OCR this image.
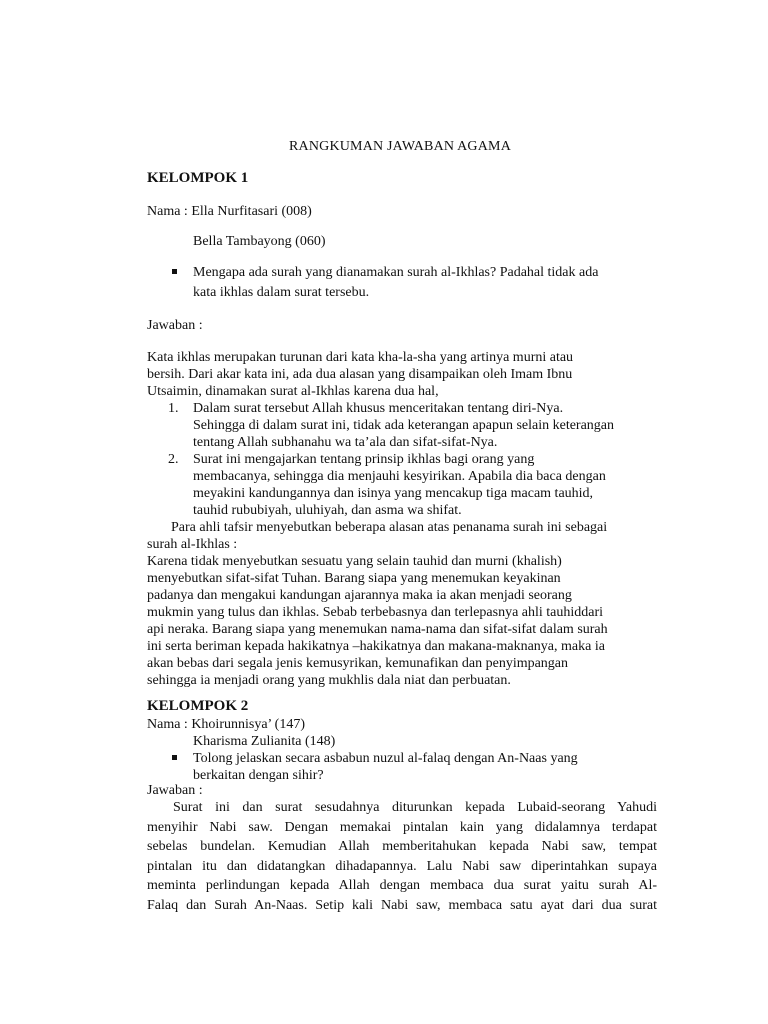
RANGKUMAN JAWABAN AGAMA
KELOMPOK 1
Nama : Ella Nurfitasari (008)
Bella Tambayong (060)
Mengapa ada surah yang dianamakan surah al-Ikhlas? Padahal tidak ada
kata ikhlas dalam surat tersebu.
Jawaban :
Kata ikhlas merupakan turunan dari kata kha-la-sha yang artinya murni atau
bersih. Dari akar kata ini, ada dua alasan yang disampaikan oleh Imam Ibnu
Utsaimin, dinamakan surat al-Ikhlas karena dua hal,
1. Dalam surat tersebut Allah khusus menceritakan tentang diri-Nya.
Sehingga di dalam surat ini, tidak ada keterangan apapun selain keterangan
tentang Allah subhanahu wa ta’ala dan sifat-sifat-Nya.
2. Surat ini mengajarkan tentang prinsip ikhlas bagi orang yang
membacanya, sehingga dia menjauhi kesyirikan. Apabila dia baca dengan
meyakini kandungannya dan isinya yang mencakup tiga macam tauhid,
tauhid rububiyah, uluhiyah, dan asma wa shifat.
Para ahli tafsir menyebutkan beberapa alasan atas penanama surah ini sebagai
surah al-Ikhlas :
Karena tidak menyebutkan sesuatu yang selain tauhid dan murni (khalish)
menyebutkan sifat-sifat Tuhan. Barang siapa yang menemukan keyakinan
padanya dan mengakui kandungan ajarannya maka ia akan menjadi seorang
mukmin yang tulus dan ikhlas. Sebab terbebasnya dan terlepasnya ahli tauhiddari
api neraka. Barang siapa yang menemukan nama-nama dan sifat-sifat dalam surah
ini serta beriman kepada hakikatnya –hakikatnya dan makana-maknanya, maka ia
akan bebas dari segala jenis kemusyrikan, kemunafikan dan penyimpangan
sehingga ia menjadi orang yang mukhlis dala niat dan perbuatan.
KELOMPOK 2
Nama : Khoirunnisya’ (147)
Kharisma Zulianita (148)
Tolong jelaskan secara asbabun nuzul al-falaq dengan An-Naas yang
berkaitan dengan sihir?
Jawaban :
Surat ini dan surat sesudahnya diturunkan kepada Lubaid-seorang Yahudi
menyihir Nabi saw. Dengan memakai pintalan kain yang didalamnya terdapat
sebelas bundelan. Kemudian Allah memberitahukan kepada Nabi saw, tempat
pintalan itu dan didatangkan dihadapannya. Lalu Nabi saw diperintahkan supaya
meminta perlindungan kepada Allah dengan membaca dua surat yaitu surah Al-
Falaq dan Surah An-Naas. Setip kali Nabi saw, membaca satu ayat dari dua surat
